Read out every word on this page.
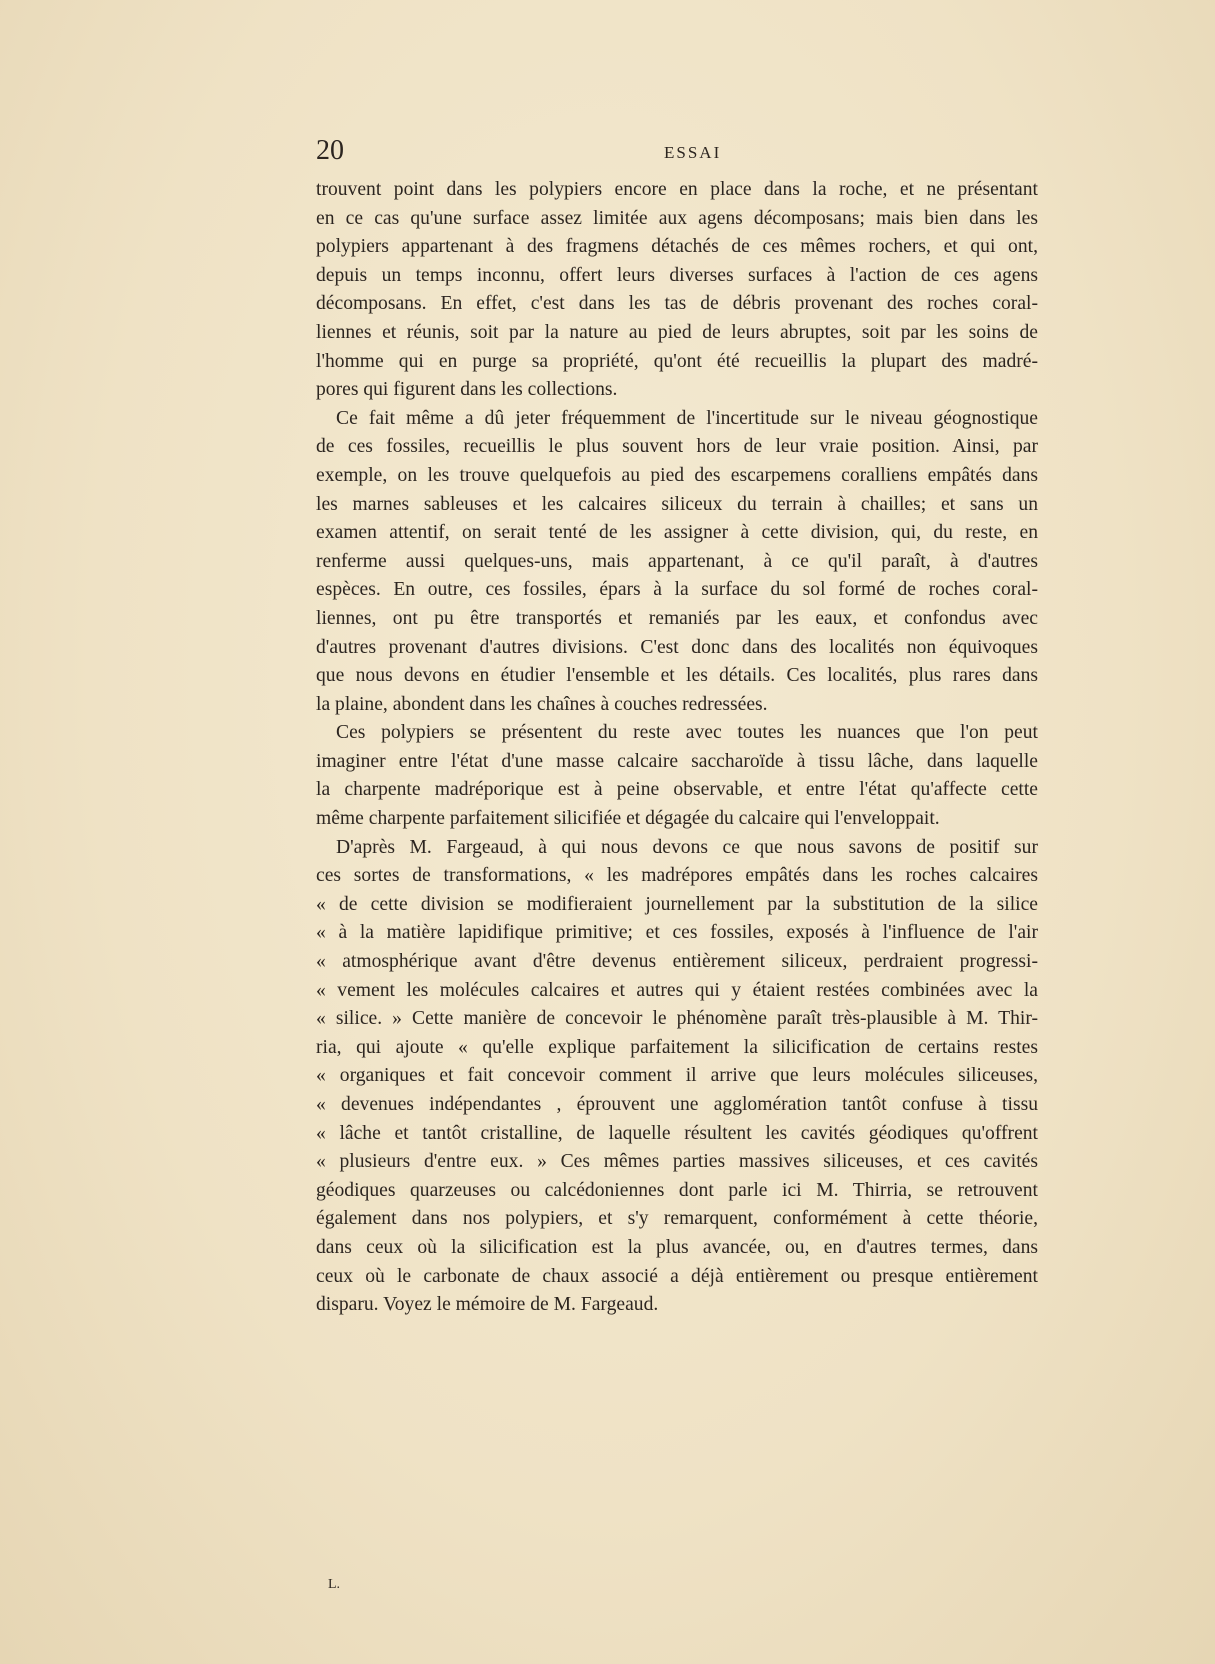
20	ESSAI
trouvent point dans les polypiers encore en place dans la roche, et ne présentant
en ce cas qu'une surface assez limitée aux agens décomposans; mais bien dans les
polypiers appartenant à des fragmens détachés de ces mêmes rochers, et qui ont,
depuis un temps inconnu, offert leurs diverses surfaces à l'action de ces agens
décomposans. En effet, c'est dans les tas de débris provenant des roches coral-
liennes et réunis, soit par la nature au pied de leurs abruptes, soit par les soins de
l'homme qui en purge sa propriété, qu'ont été recueillis la plupart des madré-
pores qui figurent dans les collections.
Ce fait même a dû jeter fréquemment de l'incertitude sur le niveau géognostique
de ces fossiles, recueillis le plus souvent hors de leur vraie position. Ainsi, par
exemple, on les trouve quelquefois au pied des escarpemens coralliens empâtés dans
les marnes sableuses et les calcaires siliceux du terrain à chailles; et sans un
examen attentif, on serait tenté de les assigner à cette division, qui, du reste, en
renferme aussi quelques-uns, mais appartenant, à ce qu'il paraît, à d'autres
espèces. En outre, ces fossiles, épars à la surface du sol formé de roches coral-
liennes, ont pu être transportés et remaniés par les eaux, et confondus avec
d'autres provenant d'autres divisions. C'est donc dans des localités non équivoques
que nous devons en étudier l'ensemble et les détails. Ces localités, plus rares dans
la plaine, abondent dans les chaînes à couches redressées.
Ces polypiers se présentent du reste avec toutes les nuances que l'on peut
imaginer entre l'état d'une masse calcaire saccharoïde à tissu lâche, dans laquelle
la charpente madréporique est à peine observable, et entre l'état qu'affecte cette
même charpente parfaitement silicifiée et dégagée du calcaire qui l'enveloppait.
D'après M. Fargeaud, à qui nous devons ce que nous savons de positif sur
ces sortes de transformations, « les madrépores empâtés dans les roches calcaires
« de cette division se modifieraient journellement par la substitution de la silice
« à la matière lapidifique primitive; et ces fossiles, exposés à l'influence de l'air
« atmosphérique avant d'être devenus entièrement siliceux, perdraient progressi-
« vement les molécules calcaires et autres qui y étaient restées combinées avec la
« silice. » Cette manière de concevoir le phénomène paraît très-plausible à M. Thir-
ria, qui ajoute « qu'elle explique parfaitement la silicification de certains restes
« organiques et fait concevoir comment il arrive que leurs molécules siliceuses,
« devenues indépendantes , éprouvent une agglomération tantôt confuse à tissu
« lâche et tantôt cristalline, de laquelle résultent les cavités géodiques qu'offrent
« plusieurs d'entre eux. » Ces mêmes parties massives siliceuses, et ces cavités
géodiques quarzeuses ou calcédoniennes dont parle ici M. Thirria, se retrouvent
également dans nos polypiers, et s'y remarquent, conformément à cette théorie,
dans ceux où la silicification est la plus avancée, ou, en d'autres termes, dans
ceux où le carbonate de chaux associé a déjà entièrement ou presque entièrement
disparu. Voyez le mémoire de M. Fargeaud.
L.
